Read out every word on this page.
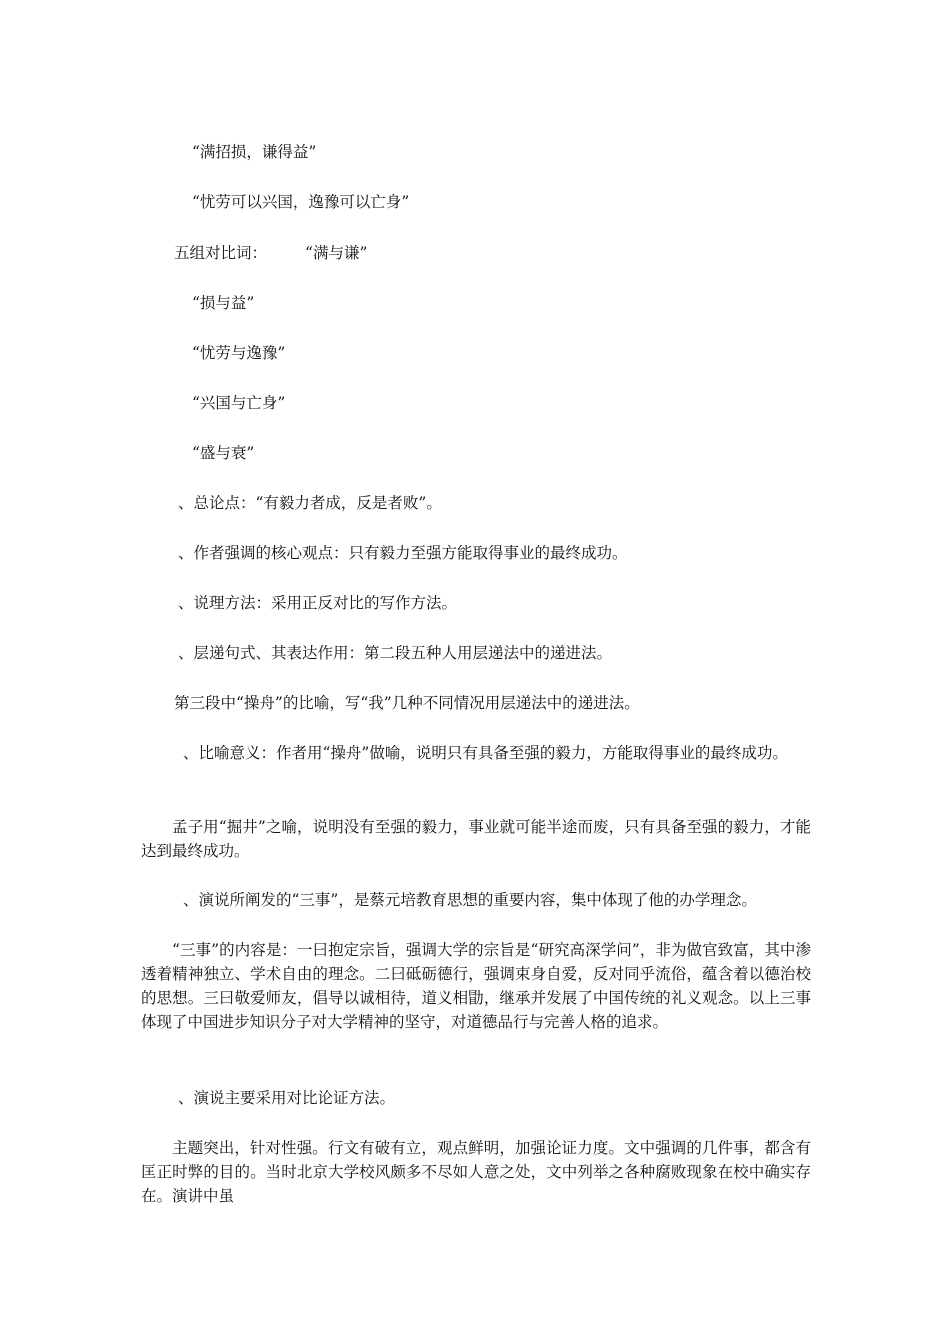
“满招损，谦得益”

“忧劳可以兴国，逸豫可以亡身”

五组对比词： “满与谦”

“损与益”

“忧劳与逸豫”

“兴国与亡身”

“盛与衰”

、总论点：“有毅力者成，反是者败”。

、作者强调的核心观点：只有毅力至强方能取得事业的最终成功。

、说理方法：采用正反对比的写作方法。

、层递句式、其表达作用：第二段五种人用层递法中的递进法。

第三段中“操舟”的比喻，写“我”几种不同情况用层递法中的递进法。

、比喻意义：作者用“操舟”做喻，说明只有具备至强的毅力，方能取得事业的最终成功。

孟子用“掘井”之喻，说明没有至强的毅力，事业就可能半途而废，只有具备至强的毅力，才能达到最终成功。

、演说所阐发的“三事”，是蔡元培教育思想的重要内容，集中体现了他的办学理念。

“三事”的内容是：一曰抱定宗旨，强调大学的宗旨是“研究高深学问”，非为做官致富，其中渗透着精神独立、学术自由的理念。二曰砥砺德行，强调束身自爱，反对同乎流俗，蕴含着以德治校的思想。三曰敬爱师友，倡导以诚相待，道义相勖，继承并发展了中国传统的礼义观念。以上三事体现了中国进步知识分子对大学精神的坚守，对道德品行与完善人格的追求。

、演说主要采用对比论证方法。

主题突出，针对性强。行文有破有立，观点鲜明，加强论证力度。文中强调的几件事，都含有匡正时弊的目的。当时北京大学校风颇多不尽如人意之处，文中列举之各种腐败现象在校中确实存在。演讲中虽
